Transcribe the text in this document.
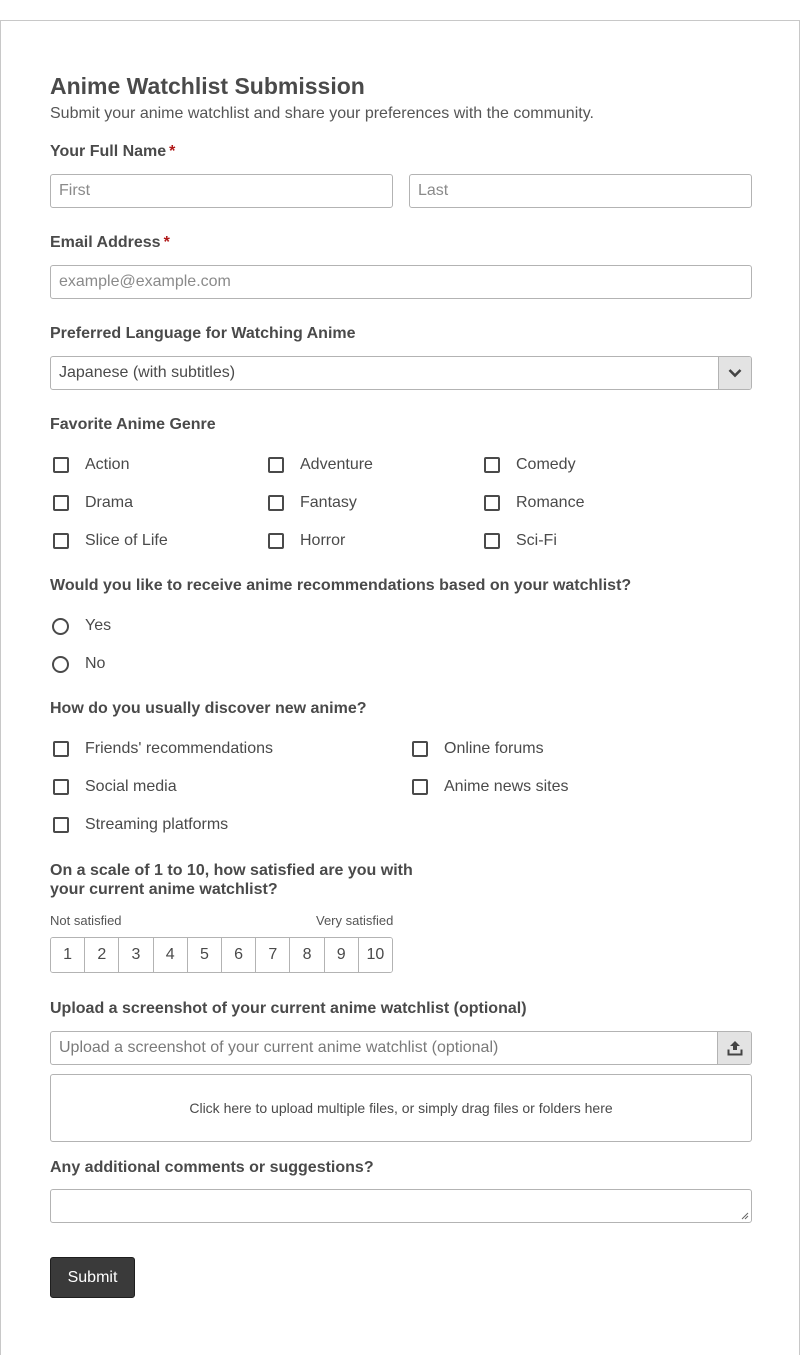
Anime Watchlist Submission
Submit your anime watchlist and share your preferences with the community.
Your Full Name *
First
Last
Email Address *
example@example.com
Preferred Language for Watching Anime
Japanese (with subtitles)
Favorite Anime Genre
Action	Adventure	Comedy
Drama	Fantasy	Romance
Slice of Life	Horror	Sci-Fi
Would you like to receive anime recommendations based on your watchlist?
Yes
No
How do you usually discover new anime?
Friends' recommendations	Online forums
Social media	Anime news sites
Streaming platforms
On a scale of 1 to 10, how satisfied are you with
your current anime watchlist?
Not satisfied	Very satisfied
1	2	3	4	5	6	7	8	9	10
Upload a screenshot of your current anime watchlist (optional)
Upload a screenshot of your current anime watchlist (optional)
Click here to upload multiple files, or simply drag files or folders here
Any additional comments or suggestions?
Submit
